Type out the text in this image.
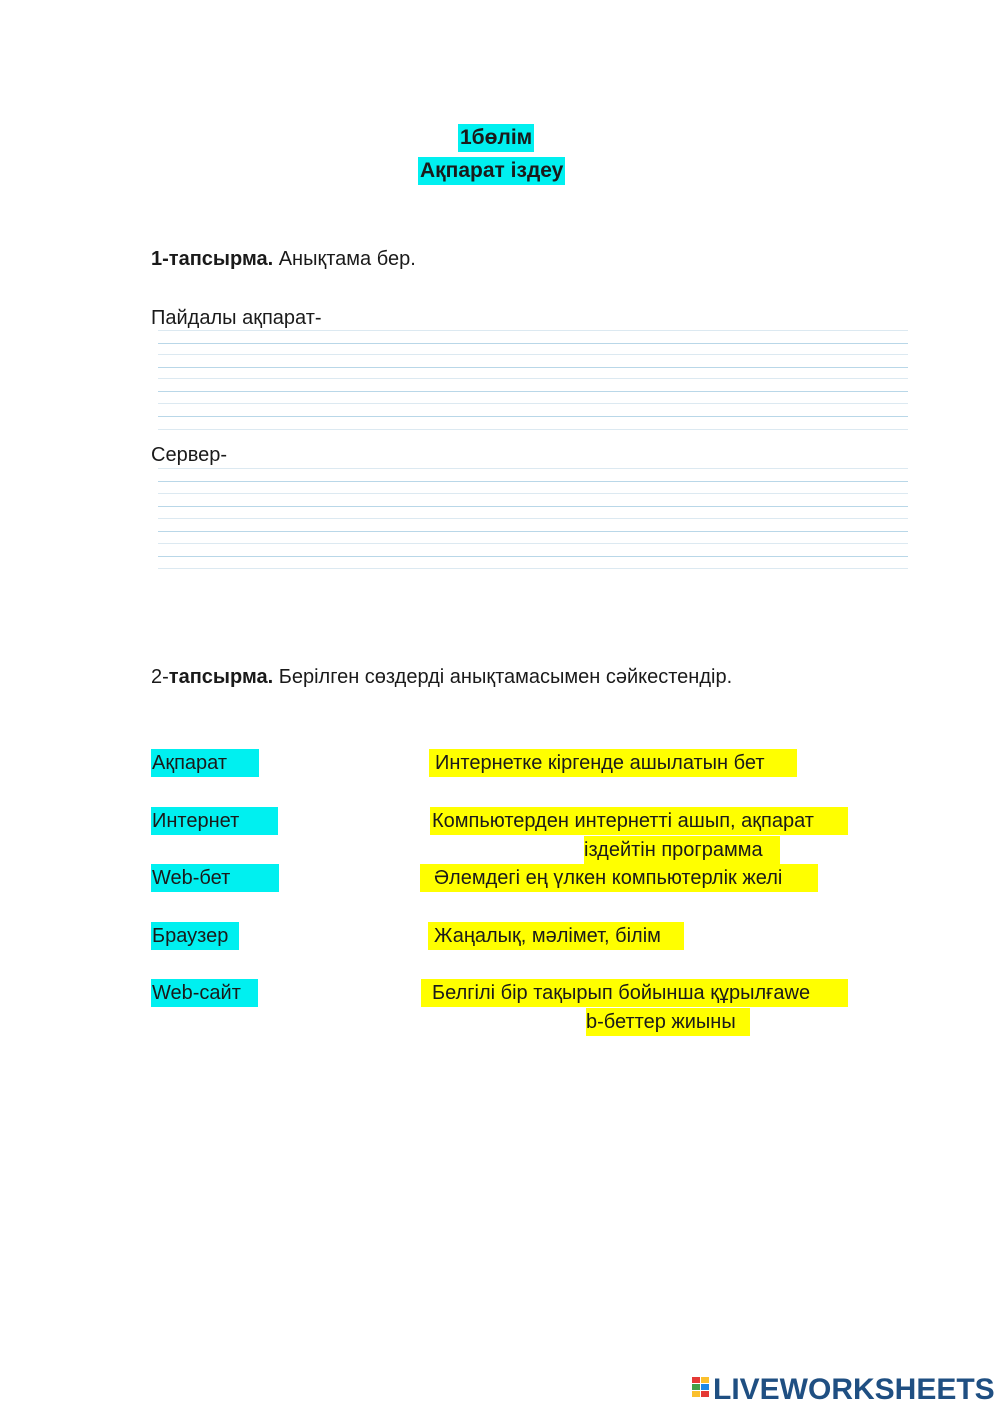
1бөлім
Ақпарат іздеу
1-тапсырма. Анықтама бер.
Пайдалы ақпарат-
Сервер-
2-тапсырма. Берілген сөздерді анықтамасымен сәйкестендір.
Ақпарат
Интернет
Web-бет
Браузер
Web-сайт
Интернетке кіргенде ашылатын бет
Компьютерден интернетті ашып, ақпарат
іздейтін программа
Әлемдегі ең үлкен компьютерлік желі
Жаңалық, мәлімет, білім
Белгілі бір тақырып бойынша құрылғаwe
b-беттер жиыны
LIVEWORKSHEETS
